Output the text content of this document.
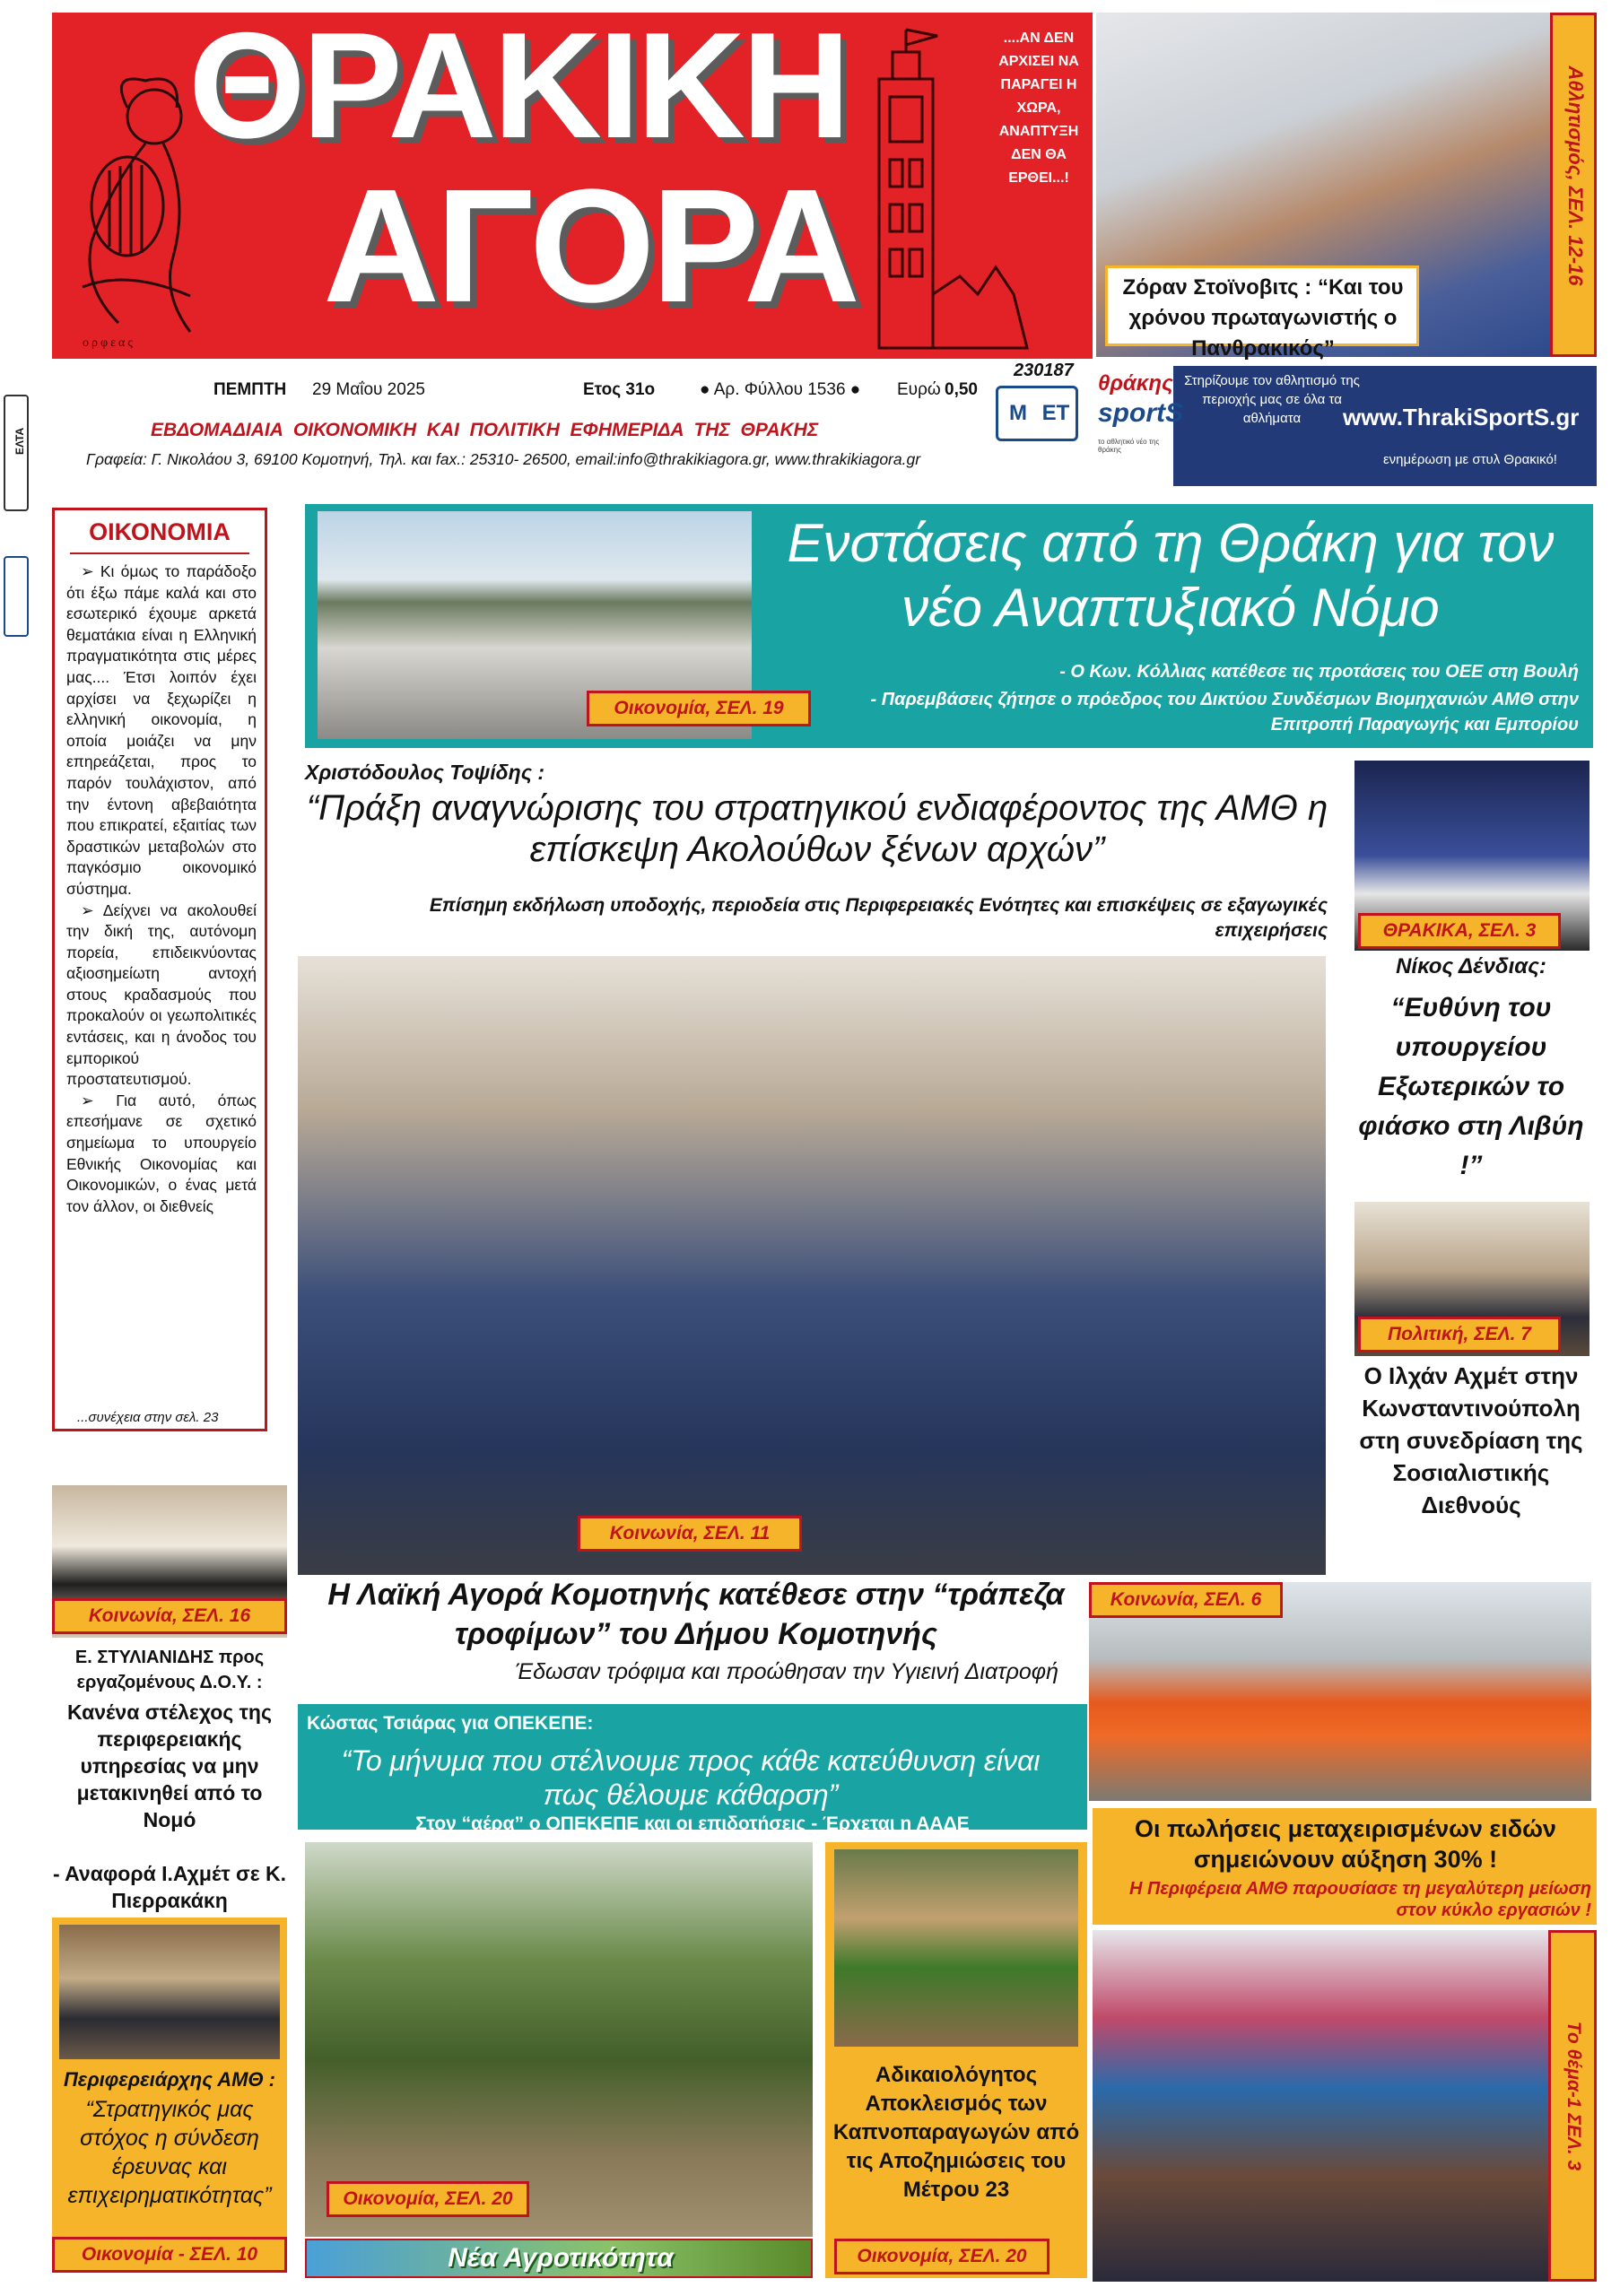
ορφεας
ΘΡΑΚΙΚΗ
ΑΓΟΡΑ
....ΑΝ ΔΕΝ ΑΡΧΙΣΕΙ ΝΑ ΠΑΡΑΓΕΙ Η ΧΩΡΑ, ΑΝΑΠΤΥΞΗ ΔΕΝ ΘΑ ΕΡΘΕΙ...!
ΠΕΜΠΤΗ 29 Μαΐου 2025	Ετος 31ο	● Αρ. Φύλλου 1536 ● Ευρώ 0,50
230187
Μ ΕΤ
ΕΒΔΟΜΑΔΙΑΙΑ  ΟΙΚΟΝΟΜΙΚΗ  ΚΑΙ  ΠΟΛΙΤΙΚΗ  ΕΦΗΜΕΡΙΔΑ  ΤΗΣ  ΘΡΑΚΗΣ
Γραφεία: Γ. Νικολάου 3, 69100 Κομοτηνή, Τηλ. και fax.: 25310- 26500, email:info@thrakikiagora.gr, www.thrakikiagora.gr
ΕΛΤΑ
Ζόραν Στοϊνοβιτς : “Και του χρόνου πρωταγωνιστής ο Πανθρακικός”
Αθλητισμός, ΣΕΛ. 12-16
θράκης
sportS
το αθλητικό νέο της θράκης
Στηρίζουμε τον αθλητισμό της περιοχής μας σε όλα τα αθλήματα	www.ThrakiSportS.gr
ενημέρωση με στυλ Θρακικό!
ΟΙΚΟΝΟΜΙΑ
➢ Κι όμως το παράδοξο ότι έξω πάμε καλά και στο εσωτερικό έχουμε αρκετά θεματάκια είναι η Ελληνική πραγματικότητα στις μέρες μας.... Έτσι λοιπόν έχει αρχίσει να ξεχωρίζει η ελληνική οικονομία, η οποία μοιάζει να μην επηρεάζεται, προς το παρόν τουλάχιστον, από την έντονη αβεβαιότητα που επικρατεί, εξαιτίας των δραστικών μεταβολών στο παγκόσμιο οικονομικό σύστημα.
➢ Δείχνει να ακολουθεί την δική της, αυτόνομη πορεία, επιδεικνύοντας αξιοσημείωτη αντοχή στους κραδασμούς που προκαλούν οι γεωπολιτικές εντάσεις, και η άνοδος του εμπορικού προστατευτισμού.
➢ Για αυτό, όπως επεσήμανε σε σχετικό σημείωμα το υπουργείο Εθνικής Οικονομίας και Οικονομικών, ο ένας μετά τον άλλον, οι διεθνείς
...συνέχεια στην σελ. 23
Οικονομία, ΣΕΛ. 19
Ενστάσεις από τη Θράκη για τον νέο Αναπτυξιακό Νόμο
- Ο Κων. Κόλλιας κατέθεσε τις προτάσεις του ΟΕΕ στη Βουλή
- Παρεμβάσεις ζήτησε ο πρόεδρος του Δικτύου Συνδέσμων Βιομηχανιών ΑΜΘ στην Επιτροπή Παραγωγής και Εμπορίου
Χριστόδουλος Τοψίδης :
“Πράξη αναγνώρισης του στρατηγικού ενδιαφέροντος της ΑΜΘ η επίσκεψη Ακολούθων ξένων αρχών”
Επίσημη εκδήλωση υποδοχής, περιοδεία στις Περιφερειακές Ενότητες και επισκέψεις σε εξαγωγικές επιχειρήσεις
Κοινωνία, ΣΕΛ. 11
ΘΡΑΚΙΚΑ, ΣΕΛ. 3
Νίκος Δένδιας:
“Ευθύνη του υπουργείου Εξωτερικών το φιάσκο στη Λιβύη !”
Πολιτική, ΣΕΛ. 7
Ο Ιλχάν Αχμέτ στην Κωνσταντινούπολη στη συνεδρίαση της Σοσιαλιστικής Διεθνούς
Η Λαϊκή Αγορά Κομοτηνής κατέθεσε στην “τράπεζα τροφίμων” του Δήμου Κομοτηνής
Έδωσαν τρόφιμα και προώθησαν την Υγιεινή Διατροφή
Κοινωνία, ΣΕΛ. 6
Κοινωνία, ΣΕΛ. 16
Ε. ΣΤΥΛΙΑΝΙΔΗΣ προς εργαζομένους Δ.Ο.Υ. :
Κανένα στέλεχος της περιφερειακής υπηρεσίας να μην μετακινηθεί από το Νομό
- Αναφορά Ι.Αχμέτ σε Κ. Πιερρακάκη
Περιφερειάρχης ΑΜΘ :
“Στρατηγικός μας στόχος η σύνδεση έρευνας και επιχειρηματικότητας”
Οικονομία - ΣΕΛ. 10
Κώστας Τσιάρας για ΟΠΕΚΕΠΕ:
“Το μήνυμα που στέλνουμε προς κάθε κατεύθυνση είναι πως θέλουμε κάθαρση”
Στον “αέρα” ο ΟΠΕΚΕΠΕ και οι επιδοτήσεις - Έρχεται η ΑΑΔΕ
Οικονομία, ΣΕΛ. 20
Νέα Αγροτικότητα
Αδικαιολόγητος Αποκλεισμός των Καπνοπαραγωγών από τις Αποζημιώσεις του Μέτρου 23
Οικονομία, ΣΕΛ. 20
Οι πωλήσεις μεταχειρισμένων ειδών σημειώνουν αύξηση 30% !
Η Περιφέρεια ΑΜΘ παρουσίασε τη μεγαλύτερη μείωση στον κύκλο εργασιών !
Το θέμα-1 ΣΕΛ. 3
